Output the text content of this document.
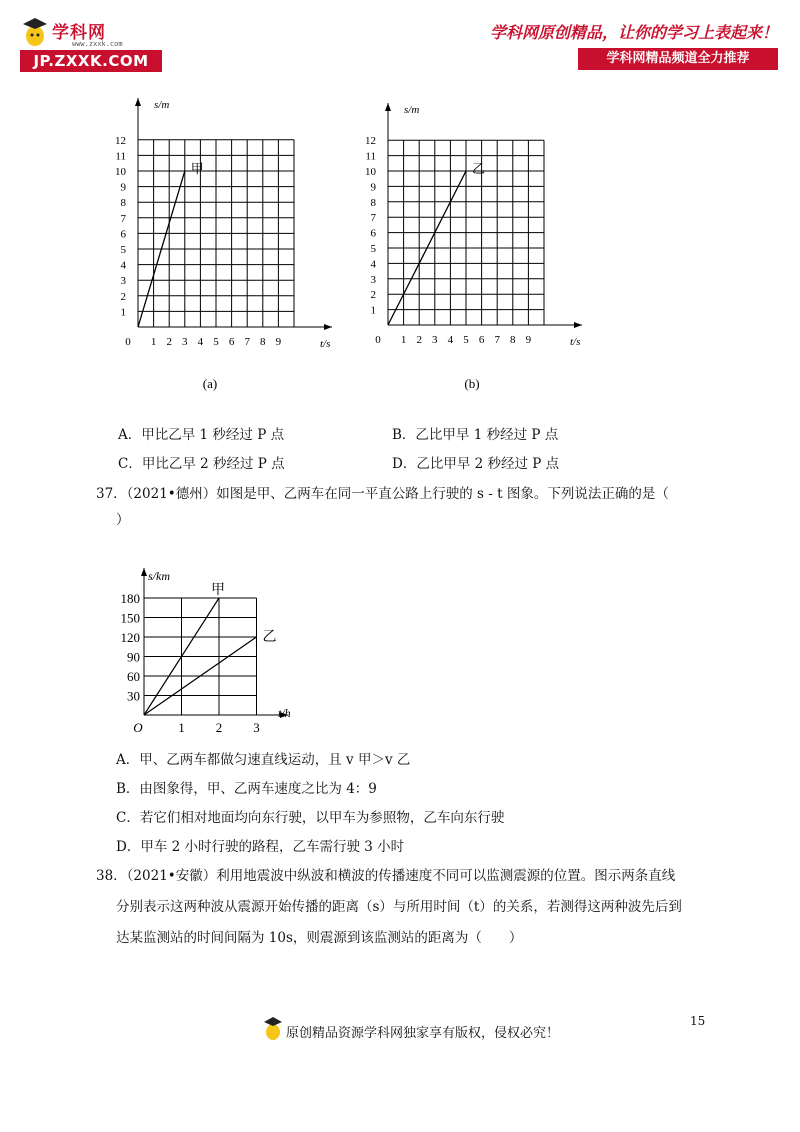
学科网
www.zxxk.com
JP.ZXXK.COM
学科网原创精品，让你的学习上表起来！
学科网精品频道全力推荐
1
2
3
4
5
6
7
8
9
10
11
12
1 2 3 4 5 6 7 8 9
0
s/m
t/s
甲
(a)
1
2
3
4
5
6
7
8
9
10
11
12
1 2 3 4 5 6 7 8 9
0
s/m
t/s
乙
(b)
A．甲比乙早 1 秒经过 P 点	B．乙比甲早 1 秒经过 P 点
C．甲比乙早 2 秒经过 P 点	D．乙比甲早 2 秒经过 P 点
37．（2021•德州）如图是甲、乙两车在同一平直公路上行驶的 s - t 图象。下列说法正确的是（
）
30
60
90
120
150
180
1 2 3
O
s/km
t/h
甲
乙
A．甲、乙两车都做匀速直线运动，且 v 甲＞v 乙
B．由图象得，甲、乙两车速度之比为 4：9
C．若它们相对地面均向东行驶，以甲车为参照物，乙车向东行驶
D．甲车 2 小时行驶的路程，乙车需行驶 3 小时
38．（2021•安徽）利用地震波中纵波和横波的传播速度不同可以监测震源的位置。图示两条直线
分别表示这两种波从震源开始传播的距离（s）与所用时间（t）的关系，若测得这两种波先后到
达某监测站的时间间隔为 10s，则震源到该监测站的距离为（　　）
原创精品资源学科网独家享有版权，侵权必究！
15
